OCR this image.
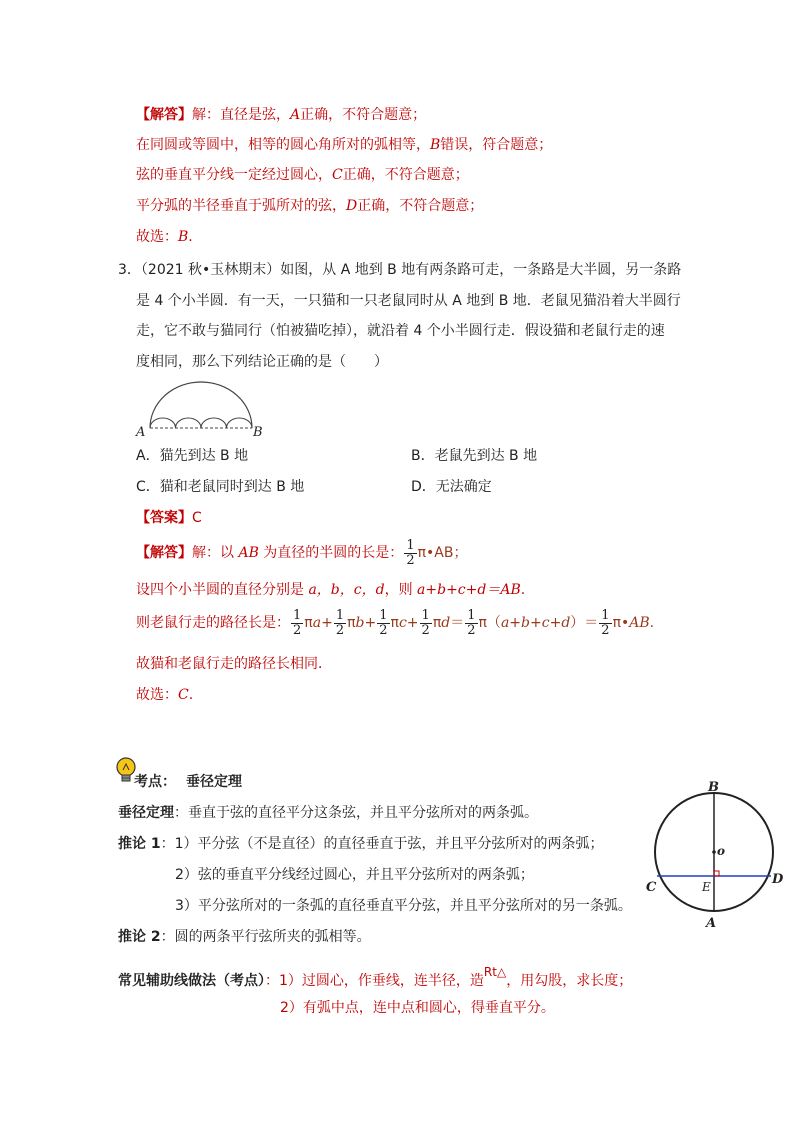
【解答】解：直径是弦，A正确，不符合题意；
在同圆或等圆中，相等的圆心角所对的弧相等，B错误，符合题意；
弦的垂直平分线一定经过圆心，C正确，不符合题意；
平分弧的半径垂直于弧所对的弦，D正确，不符合题意；
故选：B.
3．（2021 秋•玉林期末）如图，从 A 地到 B 地有两条路可走，一条路是大半圆，另一条路
是 4 个小半圆．有一天，一只猫和一只老鼠同时从 A 地到 B 地．老鼠见猫沿着大半圆行
走，它不敢与猫同行（怕被猫吃掉），就沿着 4 个小半圆行走．假设猫和老鼠行走的速
度相同，那么下列结论正确的是（　　）
A	B
A．猫先到达 B 地	B．老鼠先到达 B 地
C．猫和老鼠同时到达 B 地	D．无法确定
【答案】C
【解答】解：以 AB 为直径的半圆的长是： $\frac{1}{2}$ π•AB；
设四个小半圆的直径分别是 a，b，c，d，则 a+b+c+d＝AB.
则老鼠行走的路径长是： $\frac{1}{2} \pi a+ \frac{1}{2} \pi b+ \frac{1}{2} \pi c+ \frac{1}{2} \pi d= \frac{1}{2} \pi(a+b+c+d)= \frac{1}{2}$ π•AB.
故猫和老鼠行走的路径长相同．
故选：C.
考点： 垂径定理
垂径定理：垂直于弦的直径平分这条弦，并且平分弦所对的两条弧。
推论 1：1）平分弦（不是直径）的直径垂直于弦，并且平分弦所对的两条弧；
2）弦的垂直平分线经过圆心，并且平分弦所对的两条弧；
3）平分弦所对的一条弧的直径垂直平分弦，并且平分弦所对的另一条弧。
推论 2：圆的两条平行弦所夹的弧相等。
常见辅助线做法（考点）：1）过圆心，作垂线，连半径，造Rt△，用勾股，求长度；
2）有弧中点，连中点和圆心，得垂直平分。
B
o
C	E	D
A
